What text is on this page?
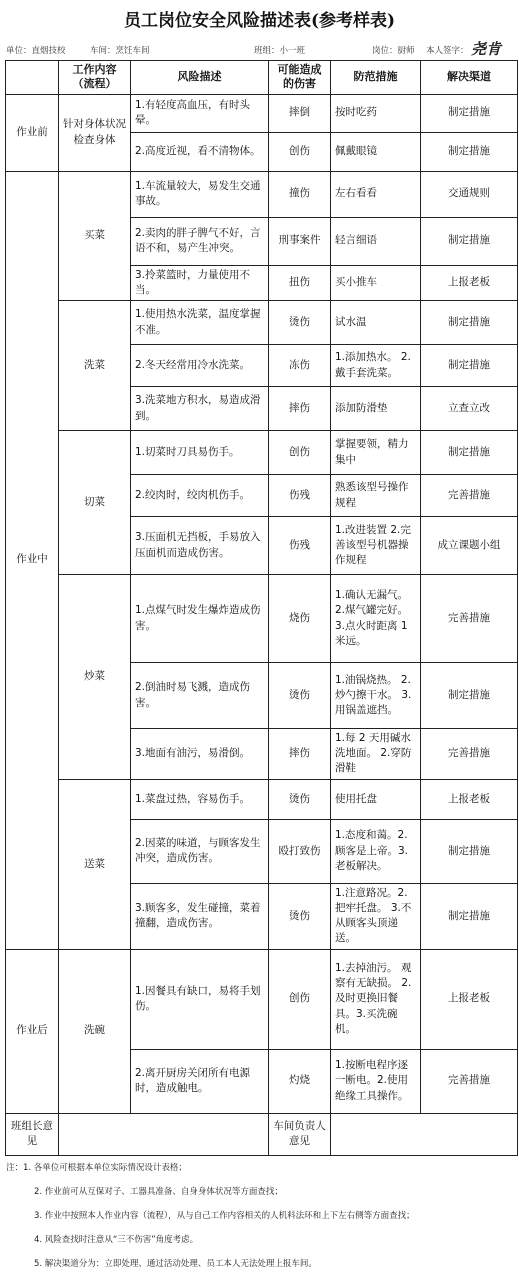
员工岗位安全风险描述表(参考样表)
单位：直烟技校	车间：烹饪车间	班组：小一班	岗位：厨师 本人签字： 尧肯
	工作内容（流程）	风险描述	可能造成的伤害	防范措施	解决渠道
作业前	针对身体状况检查身体	1.有轻度高血压，有时头晕。	摔倒	按时吃药	制定措施
		2.高度近视，看不清物体。	创伤	佩戴眼镜	制定措施
作业中	买菜	1.车流量较大，易发生交通事故。	撞伤	左右看看	交通规则
		2.卖肉的胖子脾气不好，言语不和，易产生冲突。	刑事案件	轻言细语	制定措施
		3.拎菜篮时，力量使用不当。	扭伤	买小推车	上报老板
	洗菜	1.使用热水洗菜，温度掌握不准。	烫伤	试水温	制定措施
		2.冬天经常用冷水洗菜。	冻伤	1.添加热水。 2.戴手套洗菜。	制定措施
		3.洗菜地方积水，易造成滑到。	摔伤	添加防滑垫	立查立改
	切菜	1.切菜时刀具易伤手。	创伤	掌握要领，精力集中	制定措施
		2.绞肉时，绞肉机伤手。	伤残	熟悉该型号操作规程	完善措施
		3.压面机无挡板，手易放入压面机而造成伤害。	伤残	1.改进装置 2.完善该型号机器操作规程	成立课题小组
	炒菜	1.点煤气时发生爆炸造成伤害。	烧伤	1.确认无漏气。 2.煤气罐完好。 3.点火时距离 1 米远。	完善措施
		2.倒油时易飞溅，造成伤害。	烫伤	1.油锅烧热。 2.炒勺擦干水。 3.用锅盖遮挡。	制定措施
		3.地面有油污，易滑倒。	摔伤	1.每 2 天用碱水洗地面。 2.穿防滑鞋	完善措施
	送菜	1.菜盘过热，容易伤手。	烫伤	使用托盘	上报老板
		2.因菜的味道，与顾客发生冲突，造成伤害。	殴打致伤	1.态度和蔼。2.顾客是上帝。3.老板解决。	制定措施
		3.顾客多，发生碰撞，菜着撞翻，造成伤害。	烫伤	1.注意路况。2.把牢托盘。 3.不从顾客头顶递送。	制定措施
作业后	洗碗	1.因餐具有缺口，易将手划伤。	创伤	1.去掉油污。 观察有无缺损。 2.及时更换旧餐具。3.买洗碗机。	上报老板
		2.离开厨房关闭所有电源时，造成触电。	灼烧	1.按断电程序逐一断电。2.使用绝缘工具操作。	完善措施
班组长意见			车间负责人意见		
注：1. 各单位可根据本单位实际情况设计表格；
2. 作业前可从互保对子、工器具准备、自身身体状况等方面查找；
3. 作业中按照本人作业内容（流程），从与自己工作内容相关的人机料法环和上下左右侧等方面查找；
4. 风险查找时注意从“三不伤害”角度考虑。
5. 解决渠道分为：立即处理、通过活动处理、员工本人无法处理上报车间。
